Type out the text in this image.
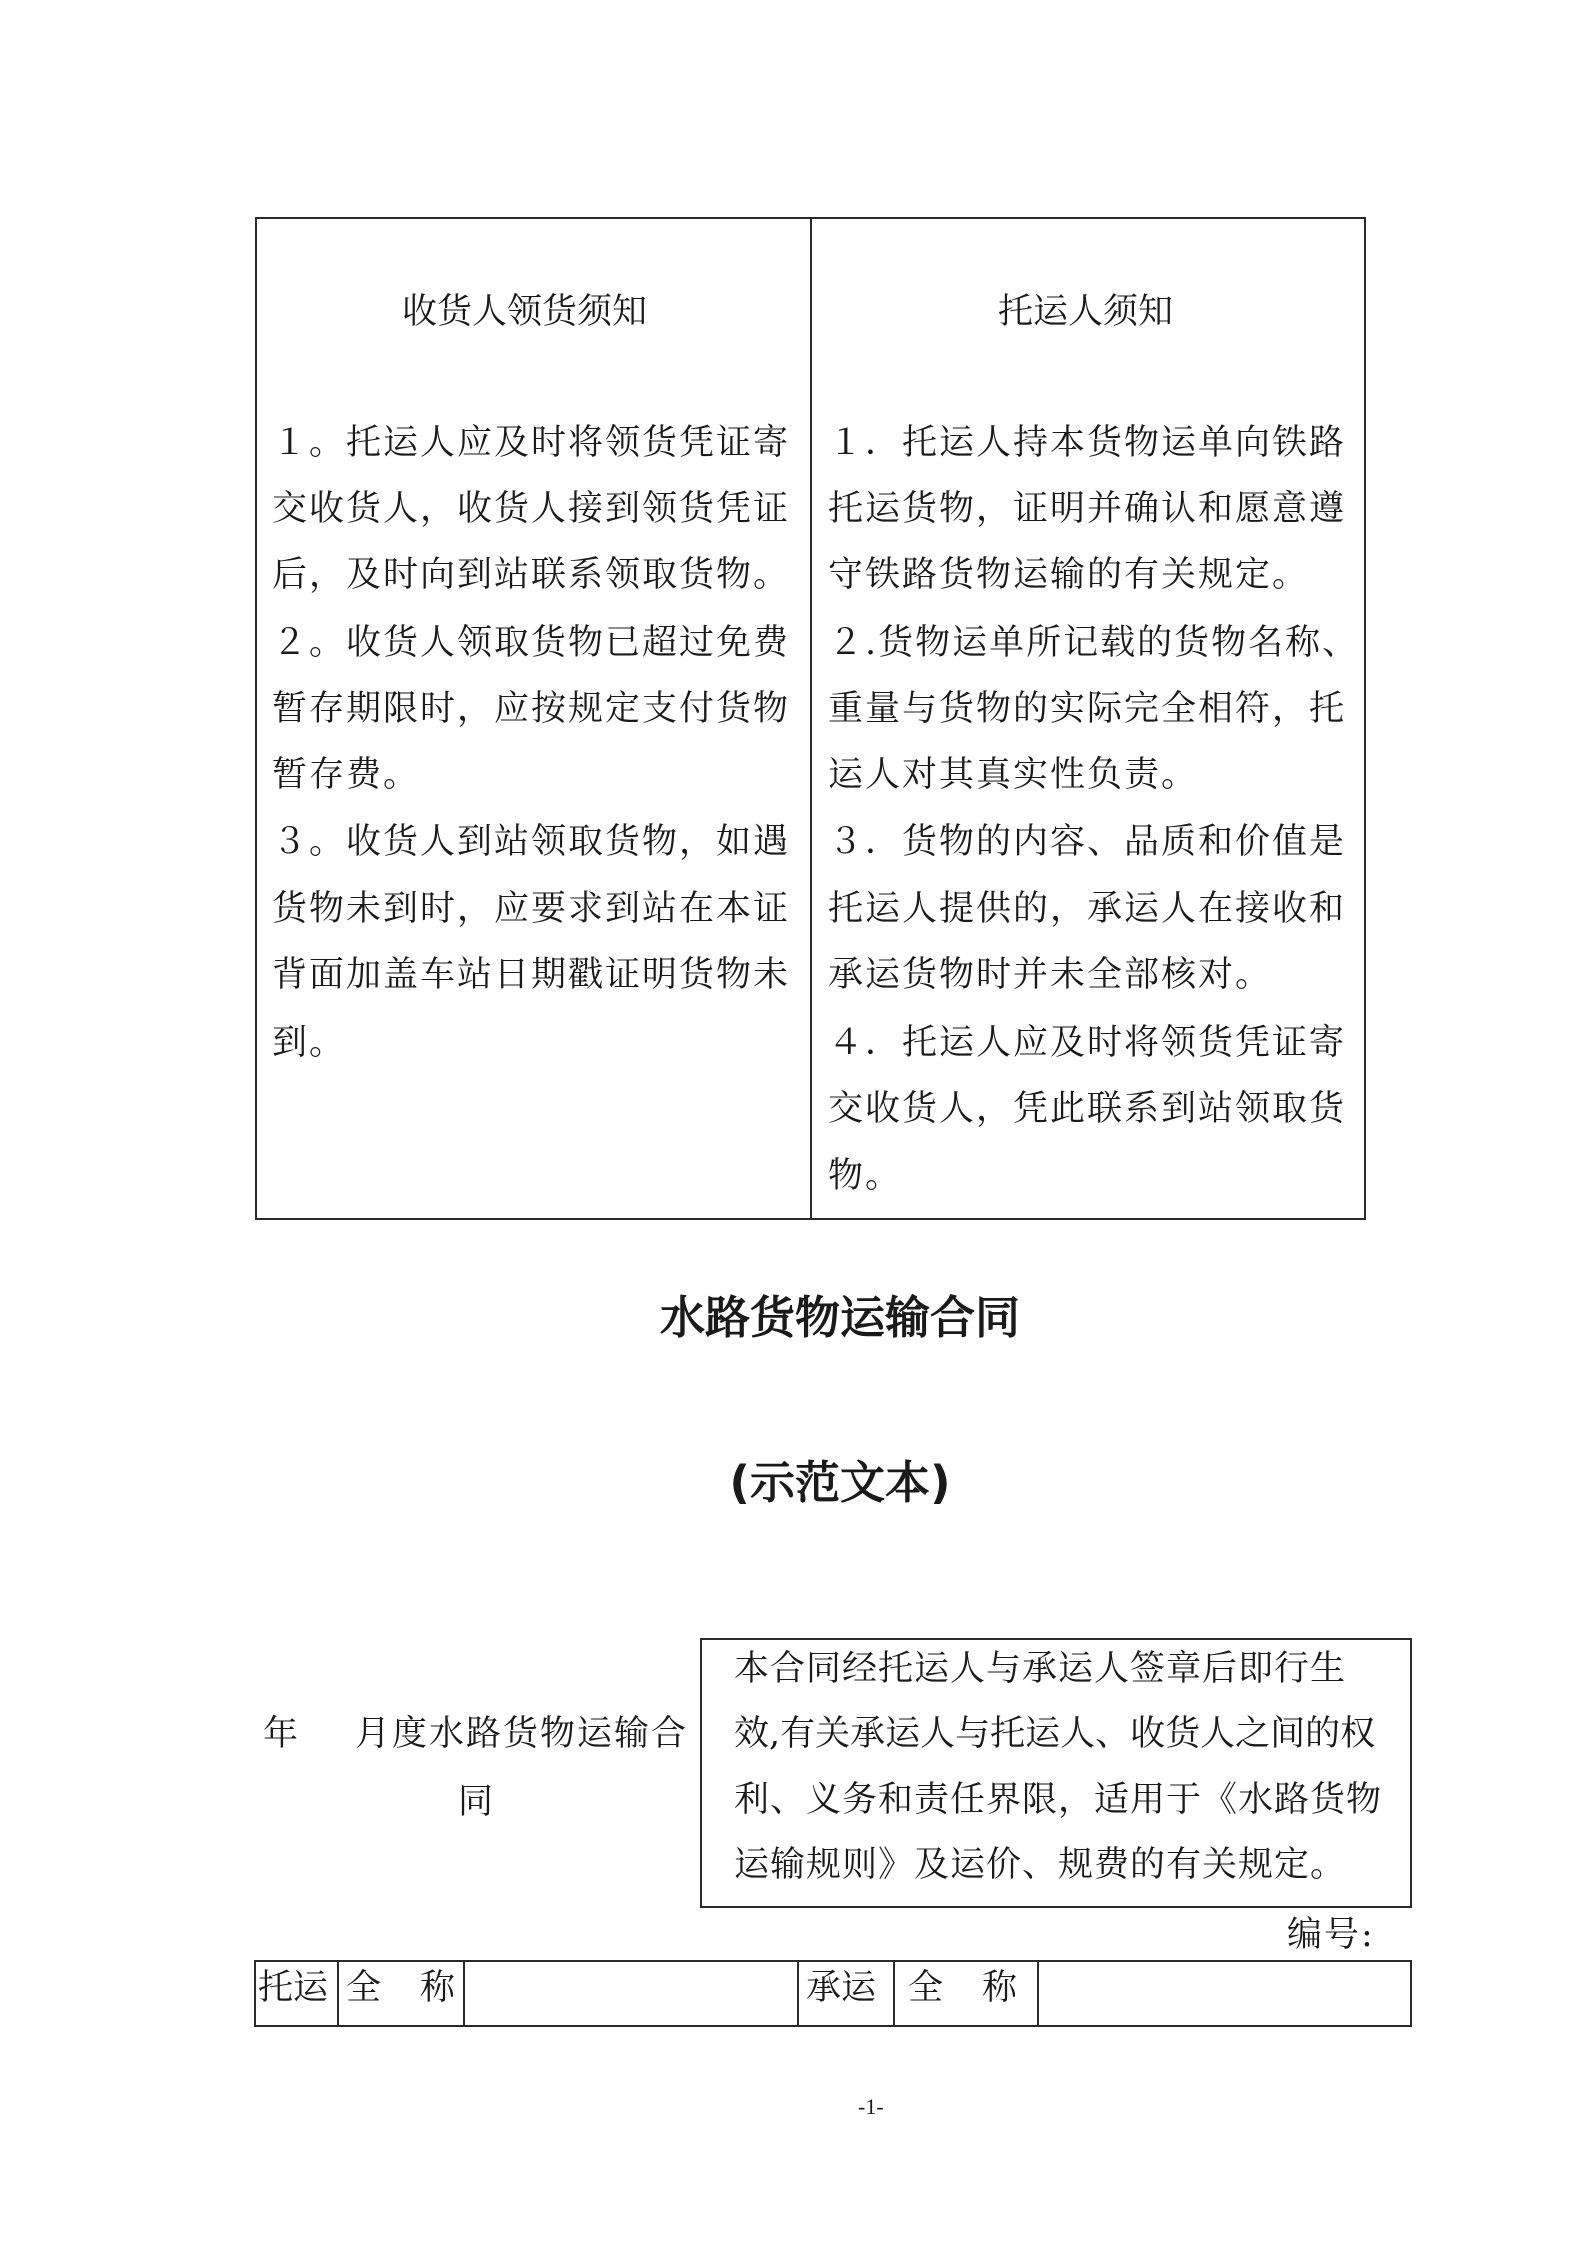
收货人领货须知
１。托运人应及时将领货凭证寄
交收货人，收货人接到领货凭证
后，及时向到站联系领取货物。
２。收货人领取货物已超过免费
暂存期限时，应按规定支付货物
暂存费。
３。收货人到站领取货物，如遇
货物未到时，应要求到站在本证
背面加盖车站日期戳证明货物未
到。
托运人须知
１．托运人持本货物运单向铁路
托运货物，证明并确认和愿意遵
守铁路货物运输的有关规定。
２.货物运单所记载的货物名称、
重量与货物的实际完全相符，托
运人对其真实性负责。
３．货物的内容、品质和价值是
托运人提供的，承运人在接收和
承运货物时并未全部核对。
４．托运人应及时将领货凭证寄
交收货人，凭此联系到站领取货
物。
水路货物运输合同
(示范文本)
年 月度水路货物运输合
同
本合同经托运人与承运人签章后即行生
效,有关承运人与托运人、收货人之间的权
利、义务和责任界限，适用于《水路货物
运输规则》及运价、规费的有关规定。
编号:
托运 全　称	承运 全　称
-1-
